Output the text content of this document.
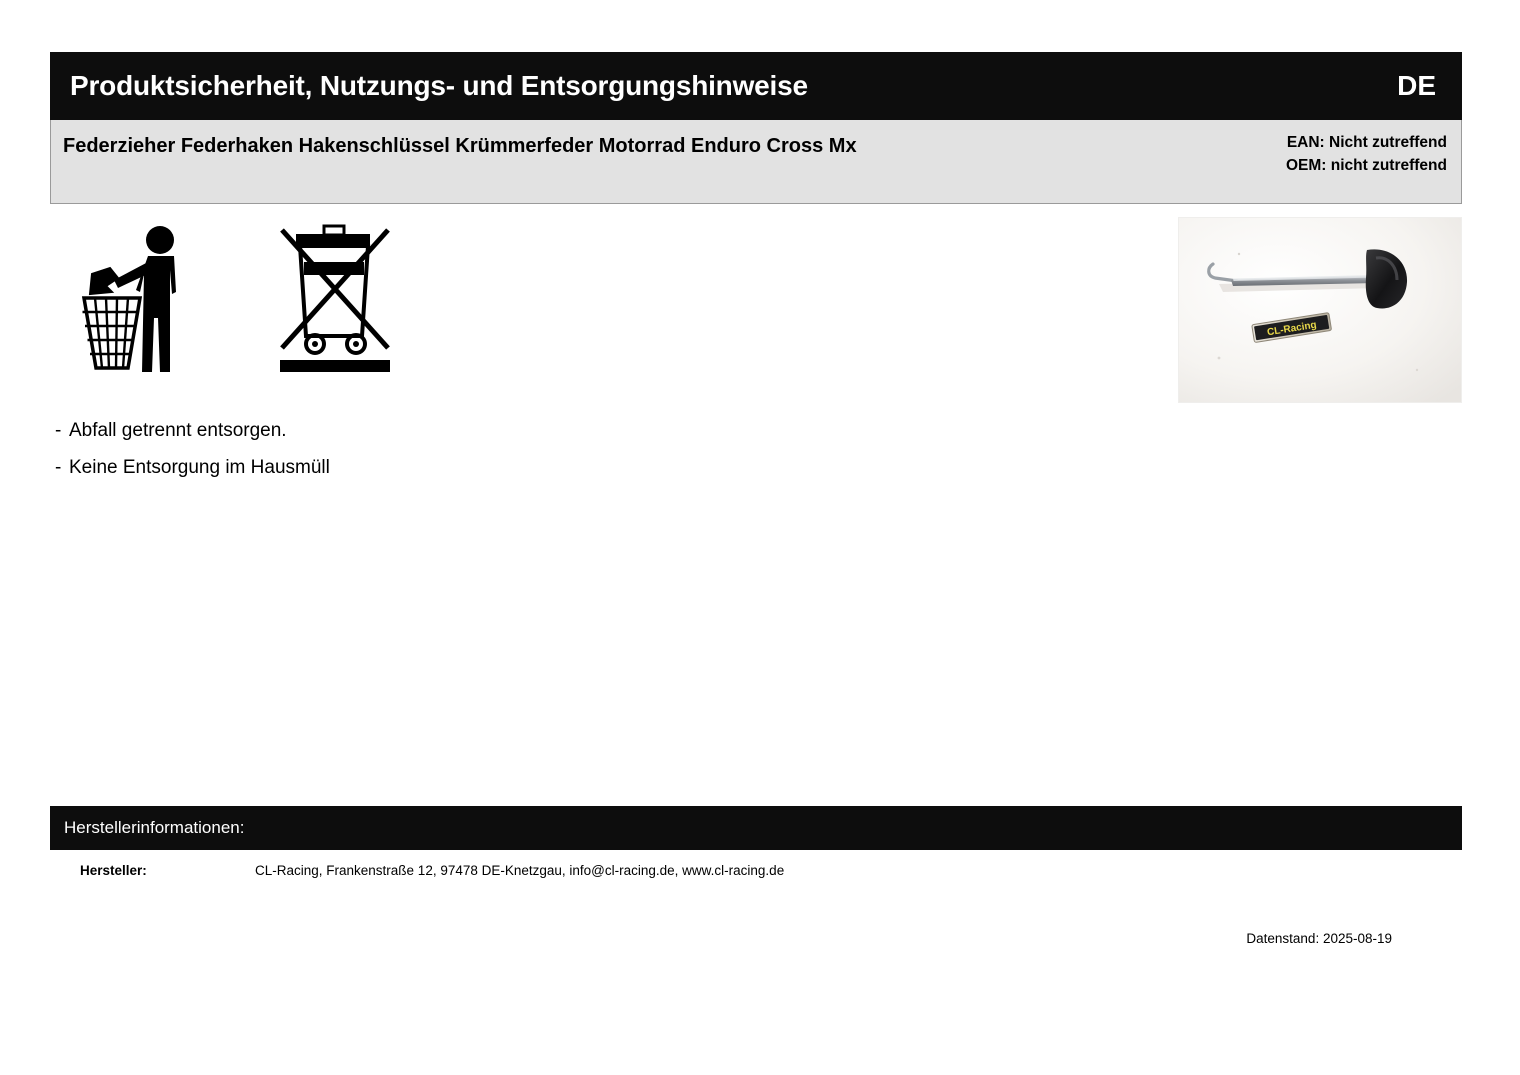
Produktsicherheit, Nutzungs- und Entsorgungshinweise	DE
Federzieher Federhaken Hakenschlüssel Krümmerfeder Motorrad Enduro Cross Mx	EAN: Nicht zutreffend
OEM: nicht zutreffend
CL-Racing
- Abfall getrennt entsorgen.
- Keine Entsorgung im Hausmüll
Herstellerinformationen:
Hersteller:	CL-Racing, Frankenstraße 12, 97478 DE-Knetzgau, info@cl-racing.de, www.cl-racing.de
Datenstand: 2025-08-19
